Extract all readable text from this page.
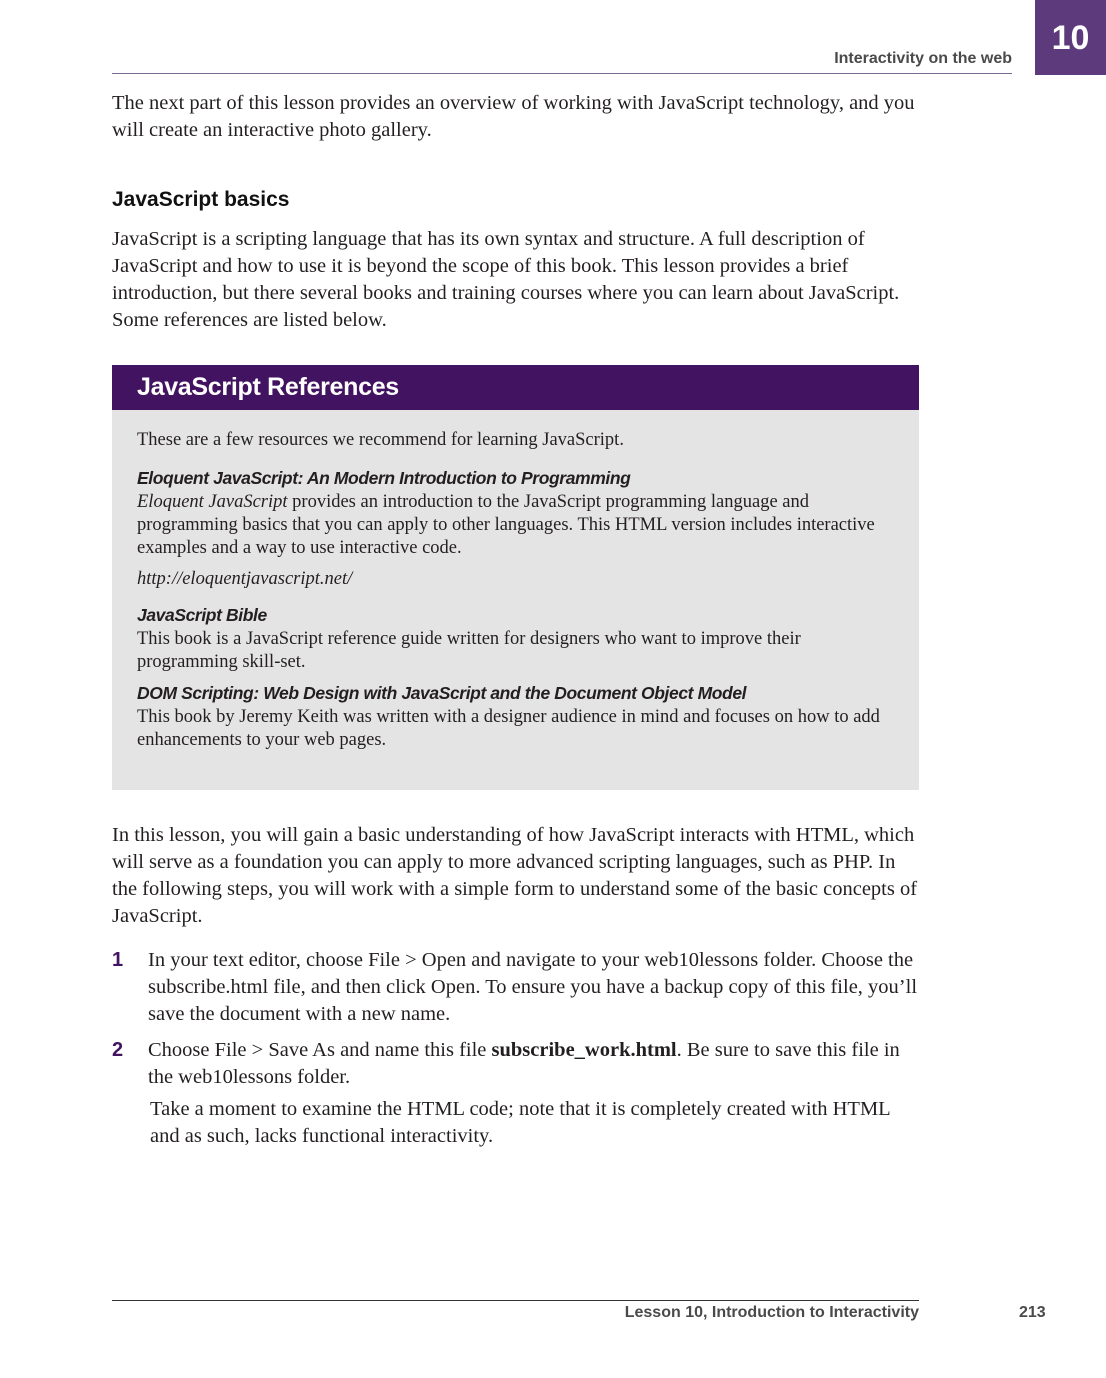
Interactivity on the web
10

The next part of this lesson provides an overview of working with JavaScript technology, and you will create an interactive photo gallery.

JavaScript basics

JavaScript is a scripting language that has its own syntax and structure. A full description of JavaScript and how to use it is beyond the scope of this book. This lesson provides a brief introduction, but there several books and training courses where you can learn about JavaScript. Some references are listed below.

JavaScript References

These are a few resources we recommend for learning JavaScript.

Eloquent JavaScript: An Modern Introduction to Programming

Eloquent JavaScript provides an introduction to the JavaScript programming language and programming basics that you can apply to other languages. This HTML version includes interactive examples and a way to use interactive code.

http://eloquentjavascript.net/

JavaScript Bible

This book is a JavaScript reference guide written for designers who want to improve their programming skill-set.

DOM Scripting: Web Design with JavaScript and the Document Object Model

This book by Jeremy Keith was written with a designer audience in mind and focuses on how to add enhancements to your web pages.

In this lesson, you will gain a basic understanding of how JavaScript interacts with HTML, which will serve as a foundation you can apply to more advanced scripting languages, such as PHP. In the following steps, you will work with a simple form to understand some of the basic concepts of JavaScript.

1 In your text editor, choose File > Open and navigate to your web10lessons folder. Choose the subscribe.html file, and then click Open. To ensure you have a backup copy of this file, you’ll save the document with a new name.
2 Choose File > Save As and name this file subscribe_work.html. Be sure to save this file in the web10lessons folder.
Take a moment to examine the HTML code; note that it is completely created with HTML and as such, lacks functional interactivity.
Lesson 10, Introduction to Interactivity	213
